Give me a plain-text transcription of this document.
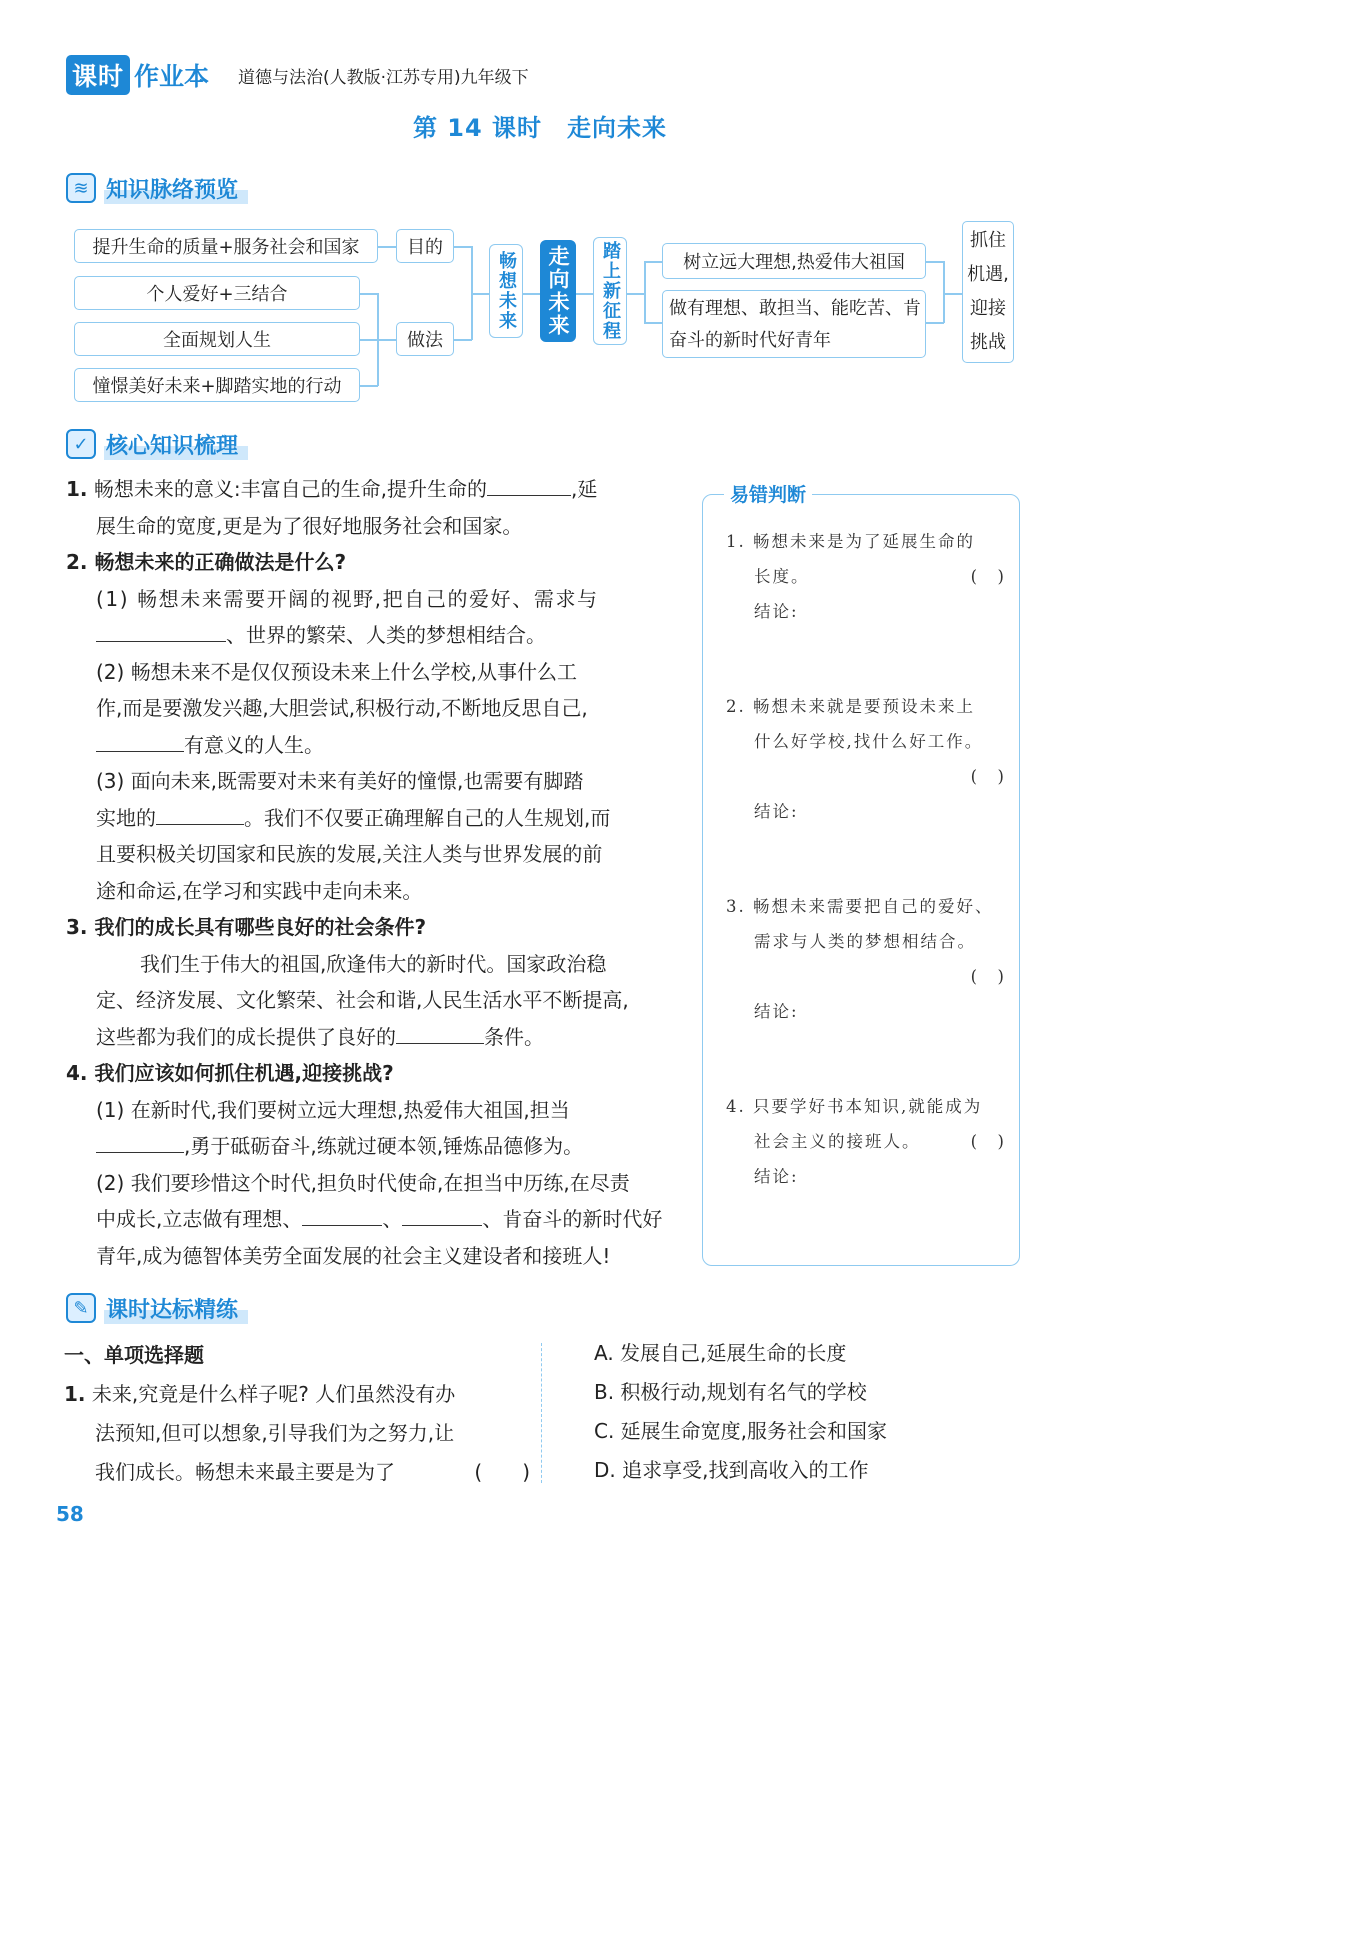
课时 作业本 道德与法治(人教版·江苏专用)九年级下
第 14 课时　走向未来
≋ 知识脉络预览
提升生命的质量+服务社会和国家
个人爱好+三结合
全面规划人生
憧憬美好未来+脚踏实地的行动
目的
做法
畅想未来 走向未来	踏上新征程	树立远大理想,热爱伟大祖国
做有理想、敢担当、能吃苦、肯
奋斗的新时代好青年
抓住
机遇,
迎接
挑战
✓ 核心知识梳理
1. 畅想未来的意义:丰富自己的生命,提升生命的	,延
展生命的宽度,更是为了很好地服务社会和国家。
2. 畅想未来的正确做法是什么?
(1) 畅想未来需要开阔的视野,把自己的爱好、需求与
、世界的繁荣、人类的梦想相结合。
(2) 畅想未来不是仅仅预设未来上什么学校,从事什么工
作,而是要激发兴趣,大胆尝试,积极行动,不断地反思自己,
有意义的人生。
(3) 面向未来,既需要对未来有美好的憧憬,也需要有脚踏
实地的	。我们不仅要正确理解自己的人生规划,而
且要积极关切国家和民族的发展,关注人类与世界发展的前
途和命运,在学习和实践中走向未来。
3. 我们的成长具有哪些良好的社会条件?
我们生于伟大的祖国,欣逢伟大的新时代。国家政治稳
定、经济发展、文化繁荣、社会和谐,人民生活水平不断提高,
这些都为我们的成长提供了良好的	条件。
4. 我们应该如何抓住机遇,迎接挑战?
(1) 在新时代,我们要树立远大理想,热爱伟大祖国,担当
,勇于砥砺奋斗,练就过硬本领,锤炼品德修为。
(2) 我们要珍惜这个时代,担负时代使命,在担当中历练,在尽责
中成长,立志做有理想、	、	、肯奋斗的新时代好
青年,成为德智体美劳全面发展的社会主义建设者和接班人!
易错判断
1. 畅想未来是为了延展生命的
长度。	(　)
结论:
2. 畅想未来就是要预设未来上
什么好学校,找什么好工作。
(　)
结论:
3. 畅想未来需要把自己的爱好、
需求与人类的梦想相结合。
(　)
结论:
4. 只要学好书本知识,就能成为
社会主义的接班人。	(　)
结论:
✎ 课时达标精练
一、单项选择题
1. 未来,究竟是什么样子呢? 人们虽然没有办
法预知,但可以想象,引导我们为之努力,让
我们成长。畅想未来最主要是为了	(　　)
A. 发展自己,延展生命的长度
B. 积极行动,规划有名气的学校
C. 延展生命宽度,服务社会和国家
D. 追求享受,找到高收入的工作
58
